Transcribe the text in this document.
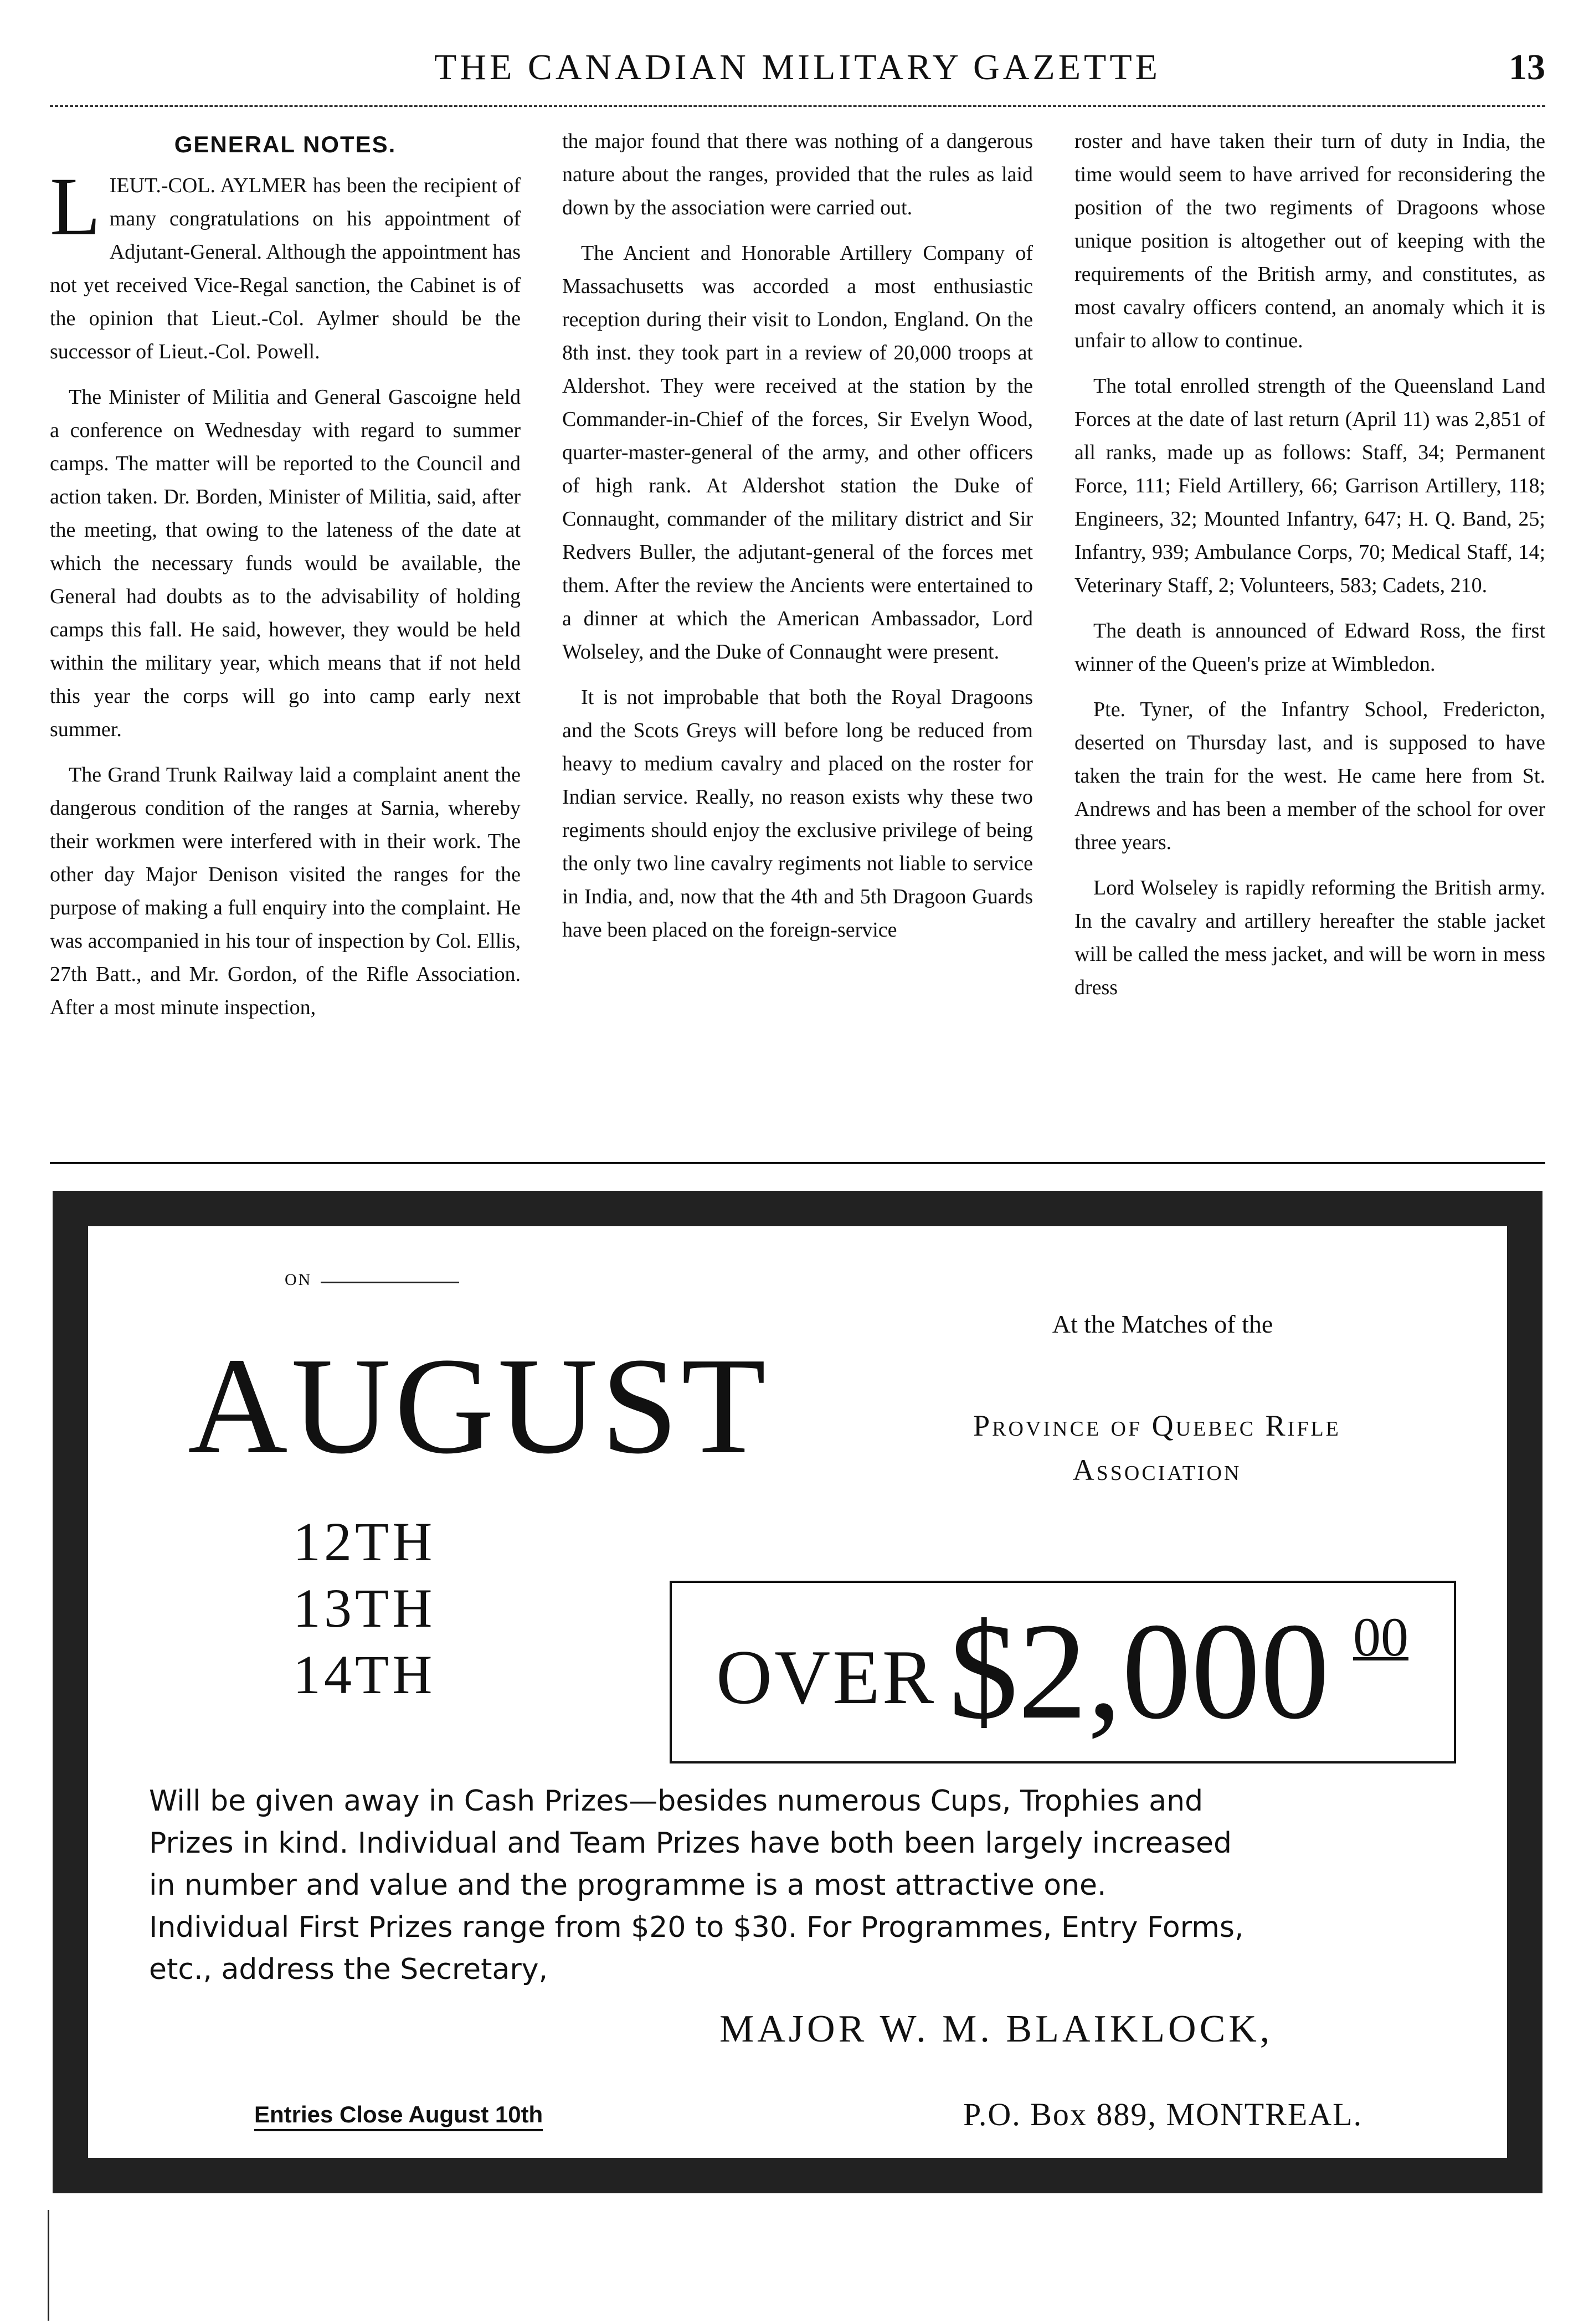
THE CANADIAN MILITARY GAZETTE	13
GENERAL NOTES.

LIEUT.-COL. AYLMER has been the recipient of many congratulations on his appointment of Adjutant-General. Although the appointment has not yet received Vice-Regal sanction, the Cabinet is of the opinion that Lieut.-Col. Aylmer should be the successor of Lieut.-Col. Powell.

The Minister of Militia and General Gascoigne held a conference on Wednesday with regard to summer camps. The matter will be reported to the Council and action taken. Dr. Borden, Minister of Militia, said, after the meeting, that owing to the lateness of the date at which the necessary funds would be available, the General had doubts as to the advisability of holding camps this fall. He said, however, they would be held within the military year, which means that if not held this year the corps will go into camp early next summer.

The Grand Trunk Railway laid a complaint anent the dangerous condition of the ranges at Sarnia, whereby their workmen were interfered with in their work. The other day Major Denison visited the ranges for the purpose of making a full enquiry into the complaint. He was accompanied in his tour of inspection by Col. Ellis, 27th Batt., and Mr. Gordon, of the Rifle Association. After a most minute inspection,

the major found that there was nothing of a dangerous nature about the ranges, provided that the rules as laid down by the association were carried out.

The Ancient and Honorable Artillery Company of Massachusetts was accorded a most enthusiastic reception during their visit to London, England. On the 8th inst. they took part in a review of 20,000 troops at Aldershot. They were received at the station by the Commander-in-Chief of the forces, Sir Evelyn Wood, quarter-master-general of the army, and other officers of high rank. At Aldershot station the Duke of Connaught, commander of the military district and Sir Redvers Buller, the adjutant-general of the forces met them. After the review the Ancients were entertained to a dinner at which the American Ambassador, Lord Wolseley, and the Duke of Connaught were present.

It is not improbable that both the Royal Dragoons and the Scots Greys will before long be reduced from heavy to medium cavalry and placed on the roster for Indian service. Really, no reason exists why these two regiments should enjoy the exclusive privilege of being the only two line cavalry regiments not liable to service in India, and, now that the 4th and 5th Dragoon Guards have been placed on the foreign-service

roster and have taken their turn of duty in India, the time would seem to have arrived for reconsidering the position of the two regiments of Dragoons whose unique position is altogether out of keeping with the requirements of the British army, and constitutes, as most cavalry officers contend, an anomaly which it is unfair to allow to continue.

The total enrolled strength of the Queensland Land Forces at the date of last return (April 11) was 2,851 of all ranks, made up as follows: Staff, 34; Permanent Force, 111; Field Artillery, 66; Garrison Artillery, 118; Engineers, 32; Mounted Infantry, 647; H. Q. Band, 25; Infantry, 939; Ambulance Corps, 70; Medical Staff, 14; Veterinary Staff, 2; Volunteers, 583; Cadets, 210.

The death is announced of Edward Ross, the first winner of the Queen's prize at Wimbledon.

Pte. Tyner, of the Infantry School, Fredericton, deserted on Thursday last, and is supposed to have taken the train for the west. He came here from St. Andrews and has been a member of the school for over three years.

Lord Wolseley is rapidly reforming the British army. In the cavalry and artillery hereafter the stable jacket will be called the mess jacket, and will be worn in mess dress

ON
AUGUST
12TH
13TH
14TH
At the Matches of the
Province of Quebec Rifle
Association
OVER $2,000 00
Will be given away in Cash Prizes—besides numerous Cups, Trophies and Prizes in kind. Individual and Team Prizes have both been largely increased in number and value and the programme is a most attractive one. Individual First Prizes range from $20 to $30. For Programmes, Entry Forms, etc., address the Secretary,
MAJOR W. M. BLAIKLOCK,
Entries Close August 10th	P.O. Box 889, MONTREAL.
